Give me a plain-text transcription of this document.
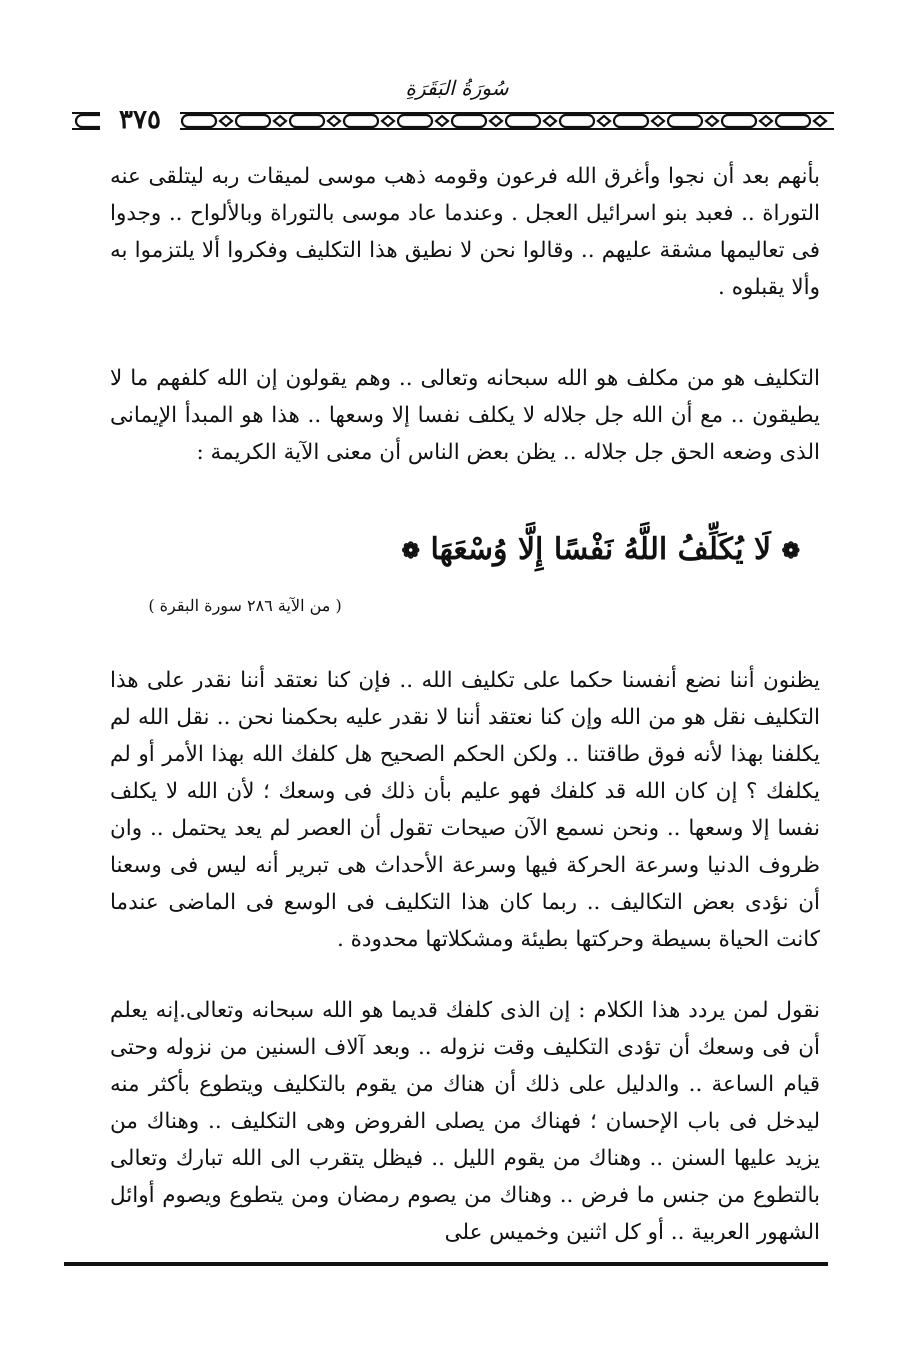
سُورَةُ البَقَرَةِ
٣٧٥

بأنهم بعد أن نجوا وأغرق الله فرعون وقومه ذهب موسى لميقات ربه ليتلقى عنه التوراة .. فعبد بنو اسرائيل العجل . وعندما عاد موسى بالتوراة وبالألواح .. وجدوا فى تعاليمها مشقة عليهم .. وقالوا نحن لا نطيق هذا التكليف وفكروا ألا يلتزموا به وألا يقبلوه .

التكليف هو من مكلف هو الله سبحانه وتعالى .. وهم يقولون إن الله كلفهم ما لا يطيقون .. مع أن الله جل جلاله لا يكلف نفسا إلا وسعها .. هذا هو المبدأ الإيمانى الذى وضعه الحق جل جلاله .. يظن بعض الناس أن معنى الآية الكريمة :

❁ لَا يُكَلِّفُ اللَّهُ نَفْسًا إِلَّا وُسْعَهَا ❁
( من الآية ٢٨٦ سورة البقرة )

يظنون أننا نضع أنفسنا حكما على تكليف الله .. فإن كنا نعتقد أننا نقدر على هذا التكليف نقل هو من الله وإن كنا نعتقد أننا لا نقدر عليه بحكمنا نحن .. نقل الله لم يكلفنا بهذا لأنه فوق طاقتنا .. ولكن الحكم الصحيح هل كلفك الله بهذا الأمر أو لم يكلفك ؟ إن كان الله قد كلفك فهو عليم بأن ذلك فى وسعك ؛ لأن الله لا يكلف نفسا إلا وسعها .. ونحن نسمع الآن صيحات تقول أن العصر لم يعد يحتمل .. وان ظروف الدنيا وسرعة الحركة فيها وسرعة الأحداث هى تبرير أنه ليس فى وسعنا أن نؤدى بعض التكاليف .. ربما كان هذا التكليف فى الوسع فى الماضى عندما كانت الحياة بسيطة وحركتها بطيئة ومشكلاتها محدودة .

نقول لمن يردد هذا الكلام : إن الذى كلفك قديما هو الله سبحانه وتعالى.إنه يعلم أن فى وسعك أن تؤدى التكليف وقت نزوله .. وبعد آلاف السنين من نزوله وحتى قيام الساعة .. والدليل على ذلك أن هناك من يقوم بالتكليف ويتطوع بأكثر منه ليدخل فى باب الإحسان ؛ فهناك من يصلى الفروض وهى التكليف .. وهناك من يزيد عليها السنن .. وهناك من يقوم الليل .. فيظل يتقرب الى الله تبارك وتعالى بالتطوع من جنس ما فرض .. وهناك من يصوم رمضان ومن يتطوع ويصوم أوائل الشهور العربية .. أو كل اثنين وخميس على
